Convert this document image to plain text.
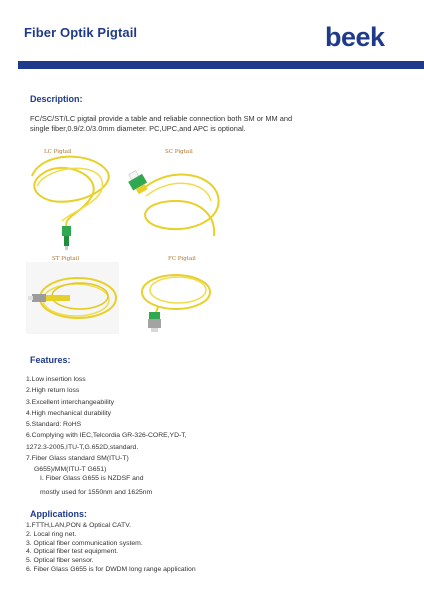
Fiber Optik Pigtail	beek
Description:
FC/SC/ST/LC pigtail provide a table and reliable connection both SM or MM and single fiber,0.9/2.0/3.0mm diameter. PC,UPC,and APC is optional.
LC Pigtail	SC Pigtail
ST Pigtail	FC Pigtail
Features:
1.Low insertion loss
2.High return loss
3.Excellent interchangeability
4.High mechanical durability
5.Standard: RoHS
6.Complying with IEC,Telcordia GR-326-CORE,YD-T,
1272.3-2005,ITU-T,G.652D,standard.
7.Fiber Glass standard SM(ITU-T)
G655)/MM(ITU-T G651)
I. Fiber Glass G655 is NZDSF and
mostly used for 1550nm and 1625nm
Applications:
1.FTTH,LAN,PON & Optical CATV.
2. Local ring net.
3. Optical fiber communication system.
4. Optical fiber test equipment.
5. Optical fiber sensor.
6. Fiber Glass G655 is for DWDM long range application
